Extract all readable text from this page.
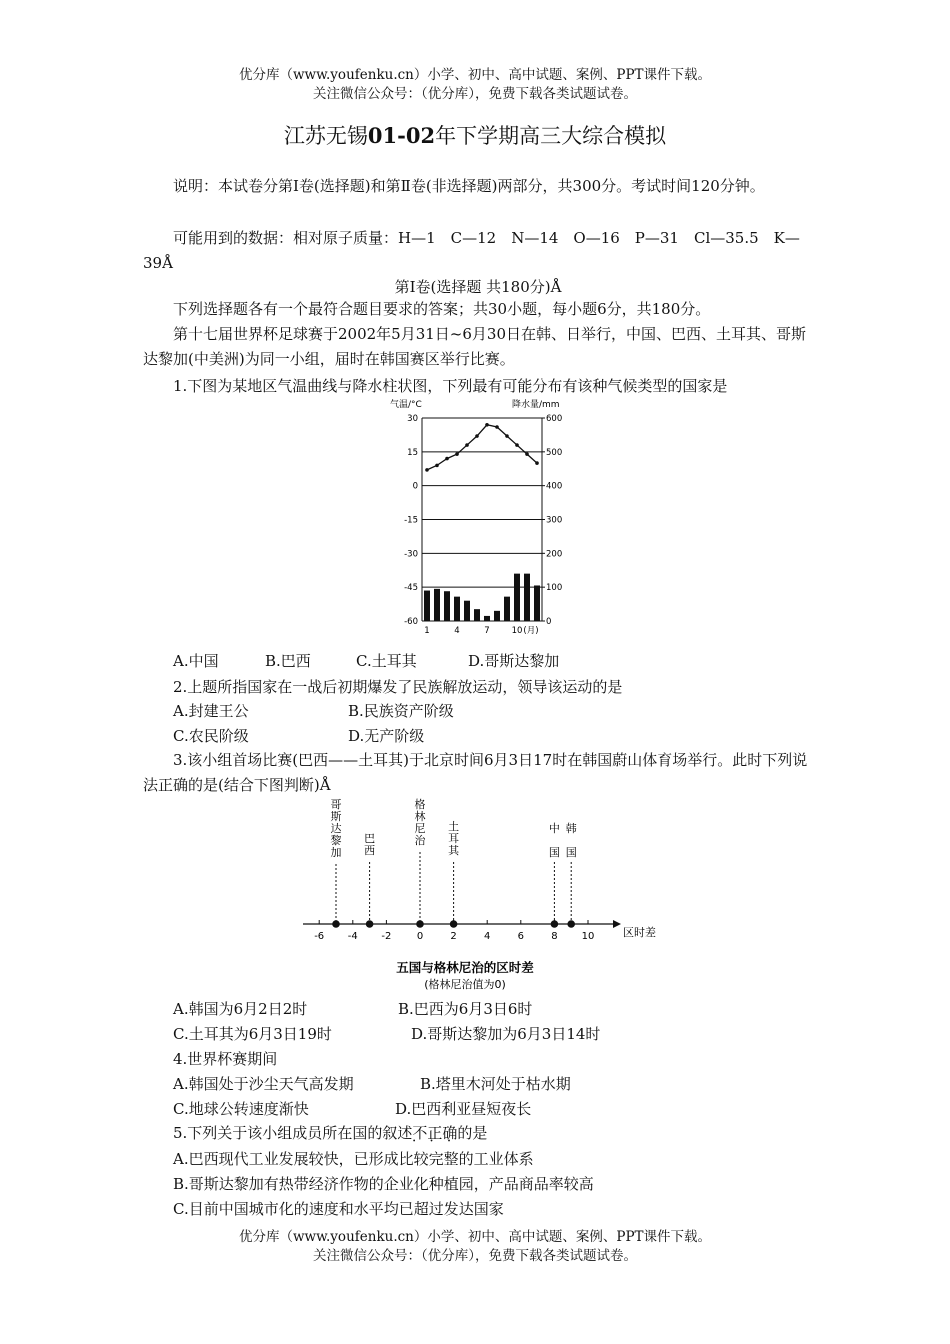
优分库（www.youfenku.cn）小学、初中、高中试题、案例、PPT课件下载。
关注微信公众号：（优分库），免费下载各类试题试卷。
江苏无锡01-02年下学期高三大综合模拟
说明：本试卷分第Ⅰ卷(选择题)和第Ⅱ卷(非选择题)两部分，共300分。考试时间120分钟。
可能用到的数据：相对原子质量：H—1　C—12　N—14　O—16　P—31　Cl—35.5　K—39Å
第Ⅰ卷(选择题 共180分)Å
下列选择题各有一个最符合题目要求的答案；共30小题，每小题6分，共180分。
第十七届世界杯足球赛于2002年5月31日~6月30日在韩、日举行，中国、巴西、土耳其、哥斯达黎加(中美洲)为同一小组，届时在韩国赛区举行比赛。
1.下图为某地区气温曲线与降水柱状图，下列最有可能分布有该种气候类型的国家是
气温/°C	降水量/mm
30
15
0
-15
-30
-45
-60
600
500
400
300
200
100
0
1	4	7	10 (月)
A.中国	B.巴西	C.土耳其	D.哥斯达黎加
2.上题所指国家在一战后初期爆发了民族解放运动，领导该运动的是
A.封建王公	B.民族资产阶级
C.农民阶级	D.无产阶级
3.该小组首场比赛(巴西——土耳其)于北京时间6月3日17时在韩国蔚山体育场举行。此时下列说法正确的是(结合下图判断)Å
区时差
-6 -4 -2	0	2	4	6	8 10
哥
斯
达
黎
加
巴
西
格
林
尼
治
土
耳
其
中
国
韩
国
五国与格林尼治的区时差
(格林尼治值为0)
A.韩国为6月2日2时	B.巴西为6月3日6时
C.土耳其为6月3日19时	D.哥斯达黎加为6月3日14时
4.世界杯赛期间
A.韩国处于沙尘天气高发期	B.塔里木河处于枯水期
C.地球公转速度渐快	D.巴西利亚昼短夜长
5.下列关于该小组成员所在国的叙述不正确 • • •的是
A.巴西现代工业发展较快，已形成比较完整的工业体系
B.哥斯达黎加有热带经济作物的企业化种植园，产品商品率较高
C.目前中国城市化的速度和水平均已超过发达国家
优分库（www.youfenku.cn）小学、初中、高中试题、案例、PPT课件下载。
关注微信公众号：（优分库），免费下载各类试题试卷。
